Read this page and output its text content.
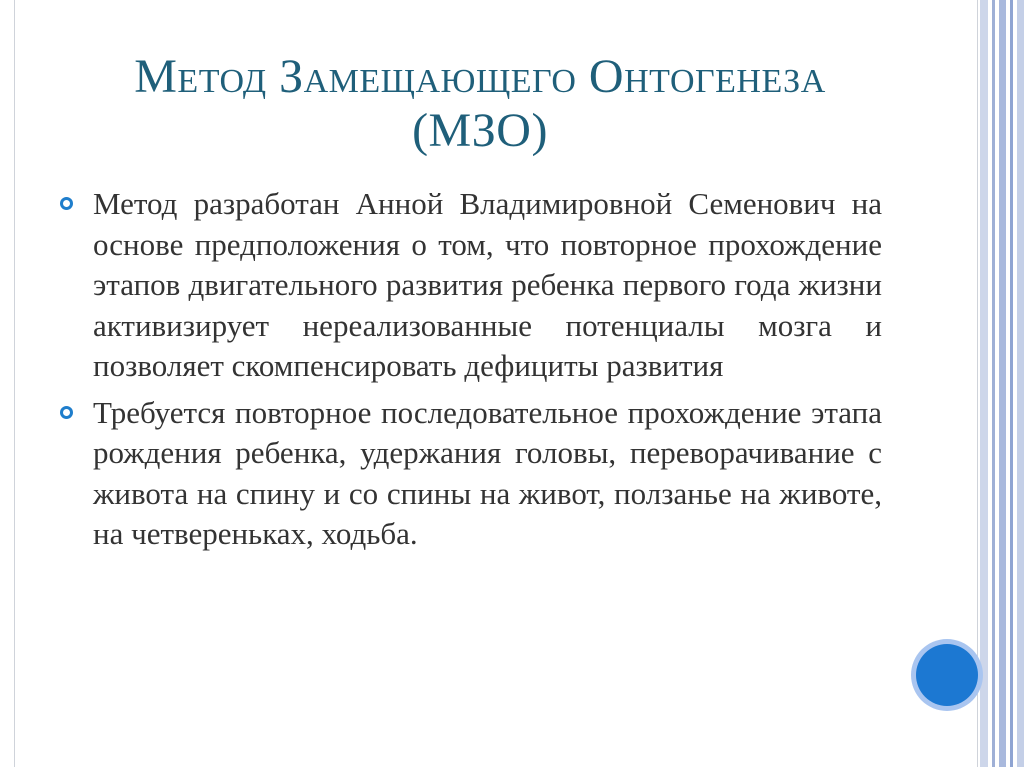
Метод Замещающего Онтогенеза
(МЗО)
Метод разработан Анной Владимировной Семенович на основе предположения о том, что повторное прохождение этапов двигательного развития ребенка первого года жизни активизирует нереализованные потенциалы мозга и позволяет скомпенсировать дефициты развития
Требуется повторное последовательное прохождение этапа рождения ребенка, удержания головы, переворачивание с живота на спину и со спины на живот, ползанье на животе, на четвереньках, ходьба.
